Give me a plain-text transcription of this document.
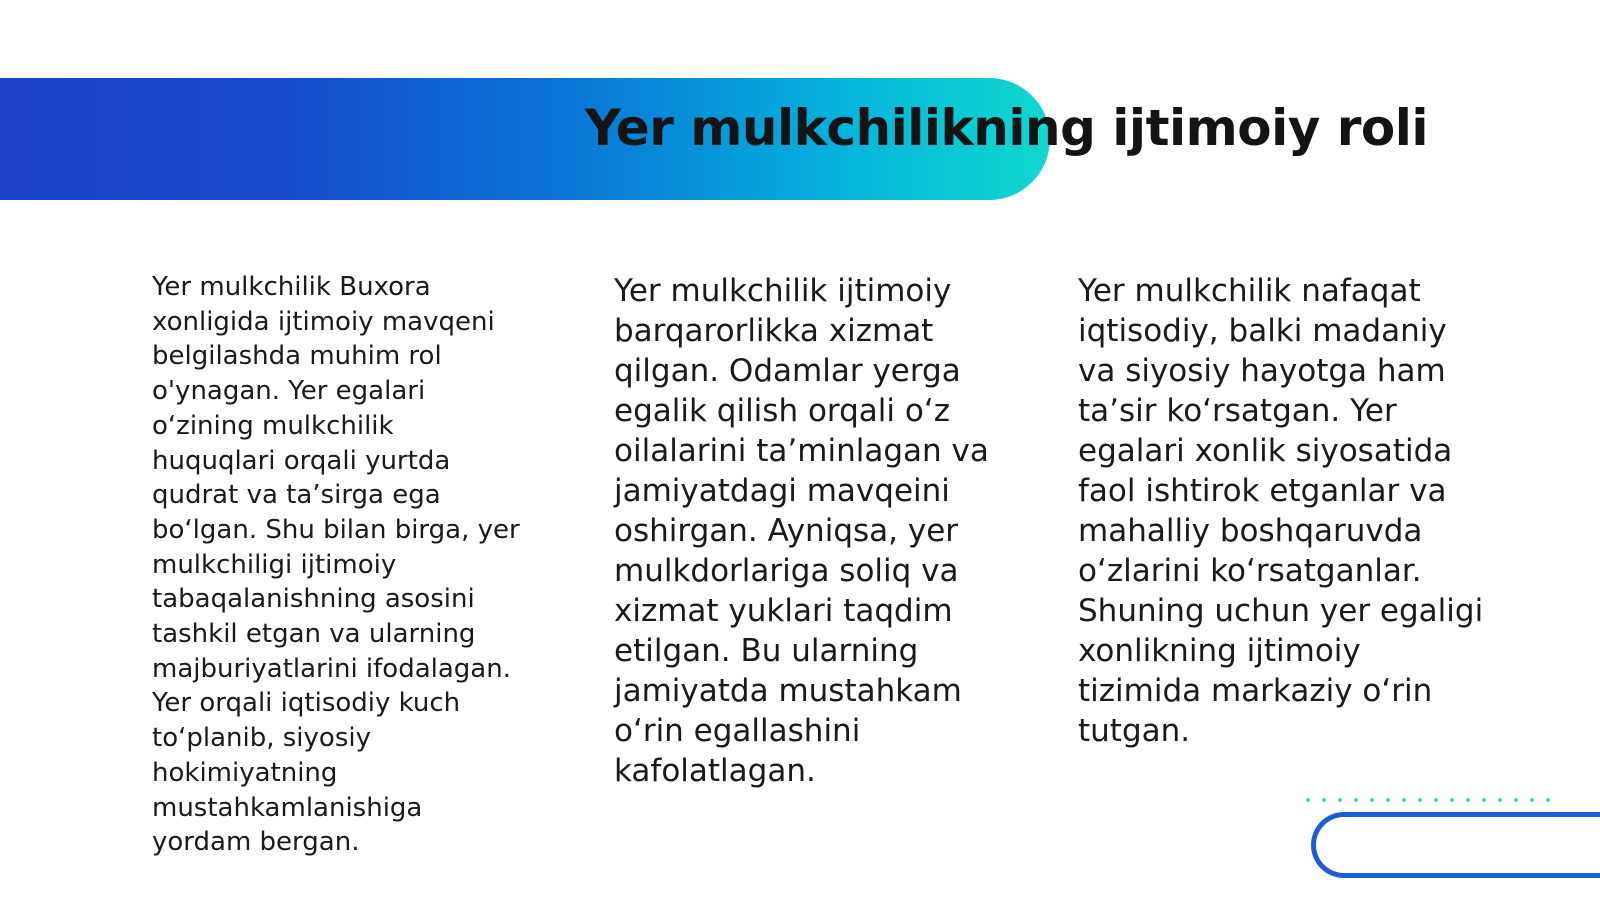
Yer mulkchilikning ijtimoiy roli

Yer mulkchilik Buxora xonligida ijtimoiy mavqeni belgilashda muhim rol o'ynagan. Yer egalari o‘zining mulkchilik huquqlari orqali yurtda qudrat va ta’sirga ega bo‘lgan. Shu bilan birga, yer mulkchiligi ijtimoiy tabaqalanishning asosini tashkil etgan va ularning majburiyatlarini ifodalagan. Yer orqali iqtisodiy kuch to‘planib, siyosiy hokimiyatning mustahkamlanishiga yordam bergan.

Yer mulkchilik ijtimoiy barqarorlikka xizmat qilgan. Odamlar yerga egalik qilish orqali o‘z oilalarini ta’minlagan va jamiyatdagi mavqeini oshirgan. Ayniqsa, yer mulkdorlariga soliq va xizmat yuklari taqdim etilgan. Bu ularning jamiyatda mustahkam o‘rin egallashini kafolatlagan.

Yer mulkchilik nafaqat iqtisodiy, balki madaniy va siyosiy hayotga ham ta’sir ko‘rsatgan. Yer egalari xonlik siyosatida faol ishtirok etganlar va mahalliy boshqaruvda o‘zlarini ko‘rsatganlar. Shuning uchun yer egaligi xonlikning ijtimoiy tizimida markaziy o‘rin tutgan.
